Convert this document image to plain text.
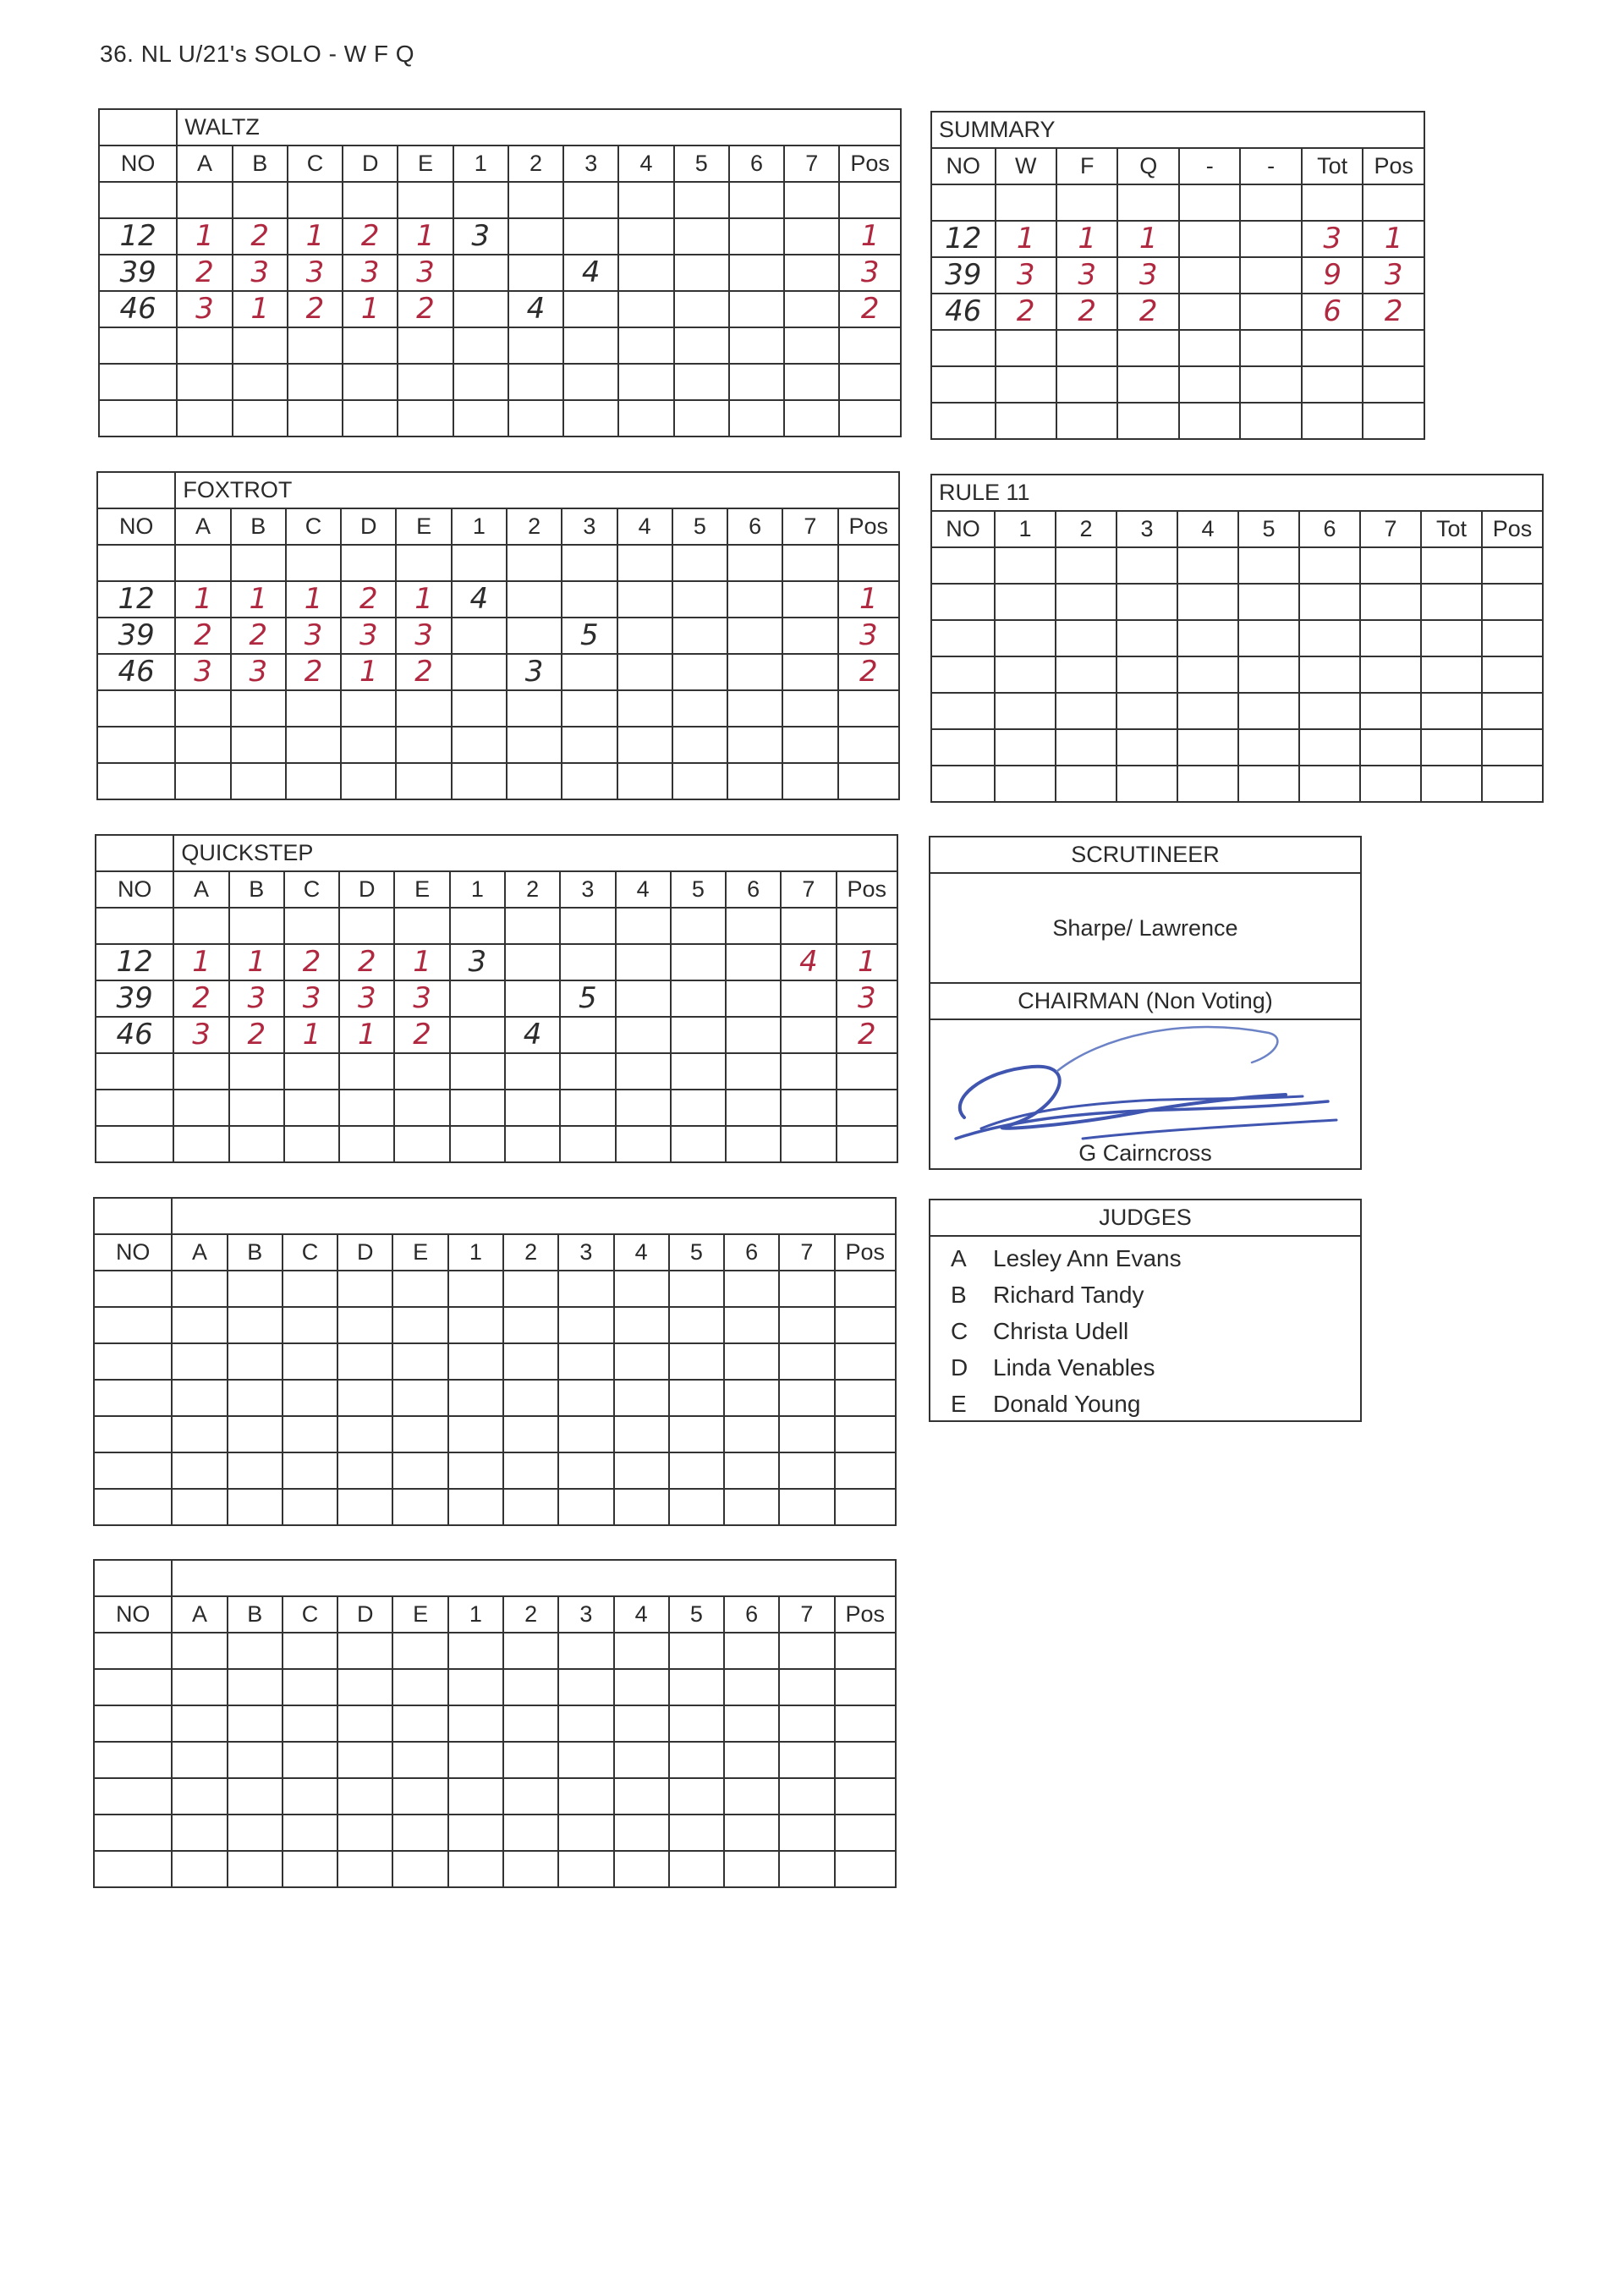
36. NL U/21's SOLO - W F Q
	WALTZ												
NO	A	B	C	D	E	1	2	3	4	5	6	7	Pos

12	1	2	1	2	1	3							1
39	2	3	3	3	3			4					3
46	3	1	2	1	2		4						2

	FOXTROT												
NO	A	B	C	D	E	1	2	3	4	5	6	7	Pos

12	1	1	1	2	1	4							1
39	2	2	3	3	3			5					3
46	3	3	2	1	2		3						2

	QUICKSTEP												
NO	A	B	C	D	E	1	2	3	4	5	6	7	Pos

12	1	1	2	2	1	3						4	1
39	2	3	3	3	3			5					3
46	3	2	1	1	2		4						2

NO	A	B	C	D	E	1	2	3	4	5	6	7	Pos

NO	A	B	C	D	E	1	2	3	4	5	6	7	Pos

SUMMARY							
NO	W	F	Q	-	-	Tot	Pos

12	1	1	1			3	1
39	3	3	3			9	3
46	2	2	2			6	2

RULE 11									
NO	1	2	3	4	5	6	7	Tot	Pos

SCRUTINEER
Sharpe/ Lawrence
CHAIRMAN (Non Voting)
G Cairncross
JUDGES
A	Lesley Ann Evans
B	Richard Tandy
C	Christa Udell
D	Linda Venables
E	Donald Young
